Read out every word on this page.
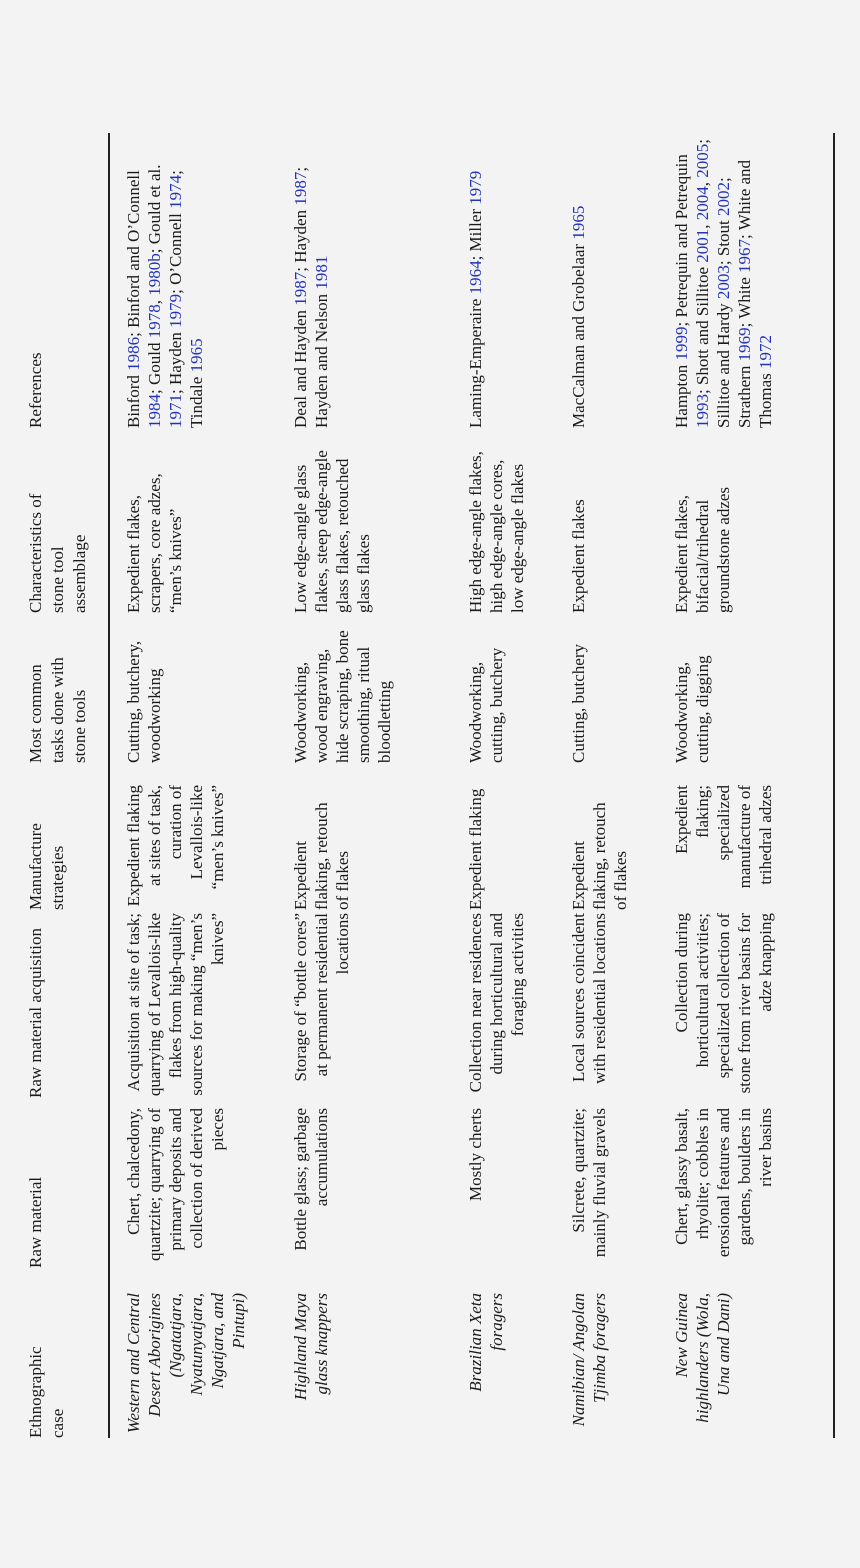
Ethnographic case
Raw material
Raw material acquisition
Manufacture strategies
Most common tasks done with stone tools
Characteristics of stone tool assemblage
References
Western and Central Desert Aborigines (Ngatatjara, Nyatunyatjara, Ngatjara, and Pintupi)
Chert, chalcedony, quartzite; quarrying of primary deposits and collection of derived pieces
Acquisition at site of task; quarrying of Levallois-like flakes from high-quality sources for making “men’s knives”
Expedient flaking at sites of task, curation of Levallois-like “men’s knives”
Cutting, butchery, woodworking
Expedient flakes, scrapers, core adzes, “men’s knives”
Binford 1986; Binford and O’Connell 1984; Gould 1978, 1980b; Gould et al. 1971; Hayden 1979; O’Connell 1974; Tindale 1965
Highland Maya glass knappers
Bottle glass; garbage accumulations
Storage of “bottle cores” at permanent residential locations
Expedient flaking, retouch of flakes
Woodworking, wood engraving, hide scraping, bone smoothing, ritual bloodletting
Low edge-angle glass flakes, steep edge-angle glass flakes, retouched glass flakes
Deal and Hayden 1987; Hayden 1987; Hayden and Nelson 1981
Brazilian Xeta foragers
Mostly cherts
Collection near residences during horticultural and foraging activities
Expedient flaking
Woodworking, cutting, butchery
High edge-angle flakes, high edge-angle cores, low edge-angle flakes
Laming-Emperaire 1964; Miller 1979
Namibian/ Angolan Tjimba foragers
Silcrete, quartzite; mainly fluvial gravels
Local sources coincident with residential locations
Expedient flaking, retouch of flakes
Cutting, butchery
Expedient flakes
MacCalman and Grobelaar 1965
New Guinea highlanders (Wola, Una and Dani)
Chert, glassy basalt, rhyolite; cobbles in erosional features and gardens, boulders in river basins
Collection during horticultural activities; specialized collection of stone from river basins for adze knapping
Expedient flaking; specialized manufacture of trihedral adzes
Woodworking, cutting, digging
Expedient flakes, bifacial/trihedral groundstone adzes
Hampton 1999; Petrequin and Petrequin 1993; Shott and Sillitoe 2001, 2004, 2005; Sillitoe and Hardy 2003; Stout 2002; Strathern 1969; White 1967; White and Thomas 1972
